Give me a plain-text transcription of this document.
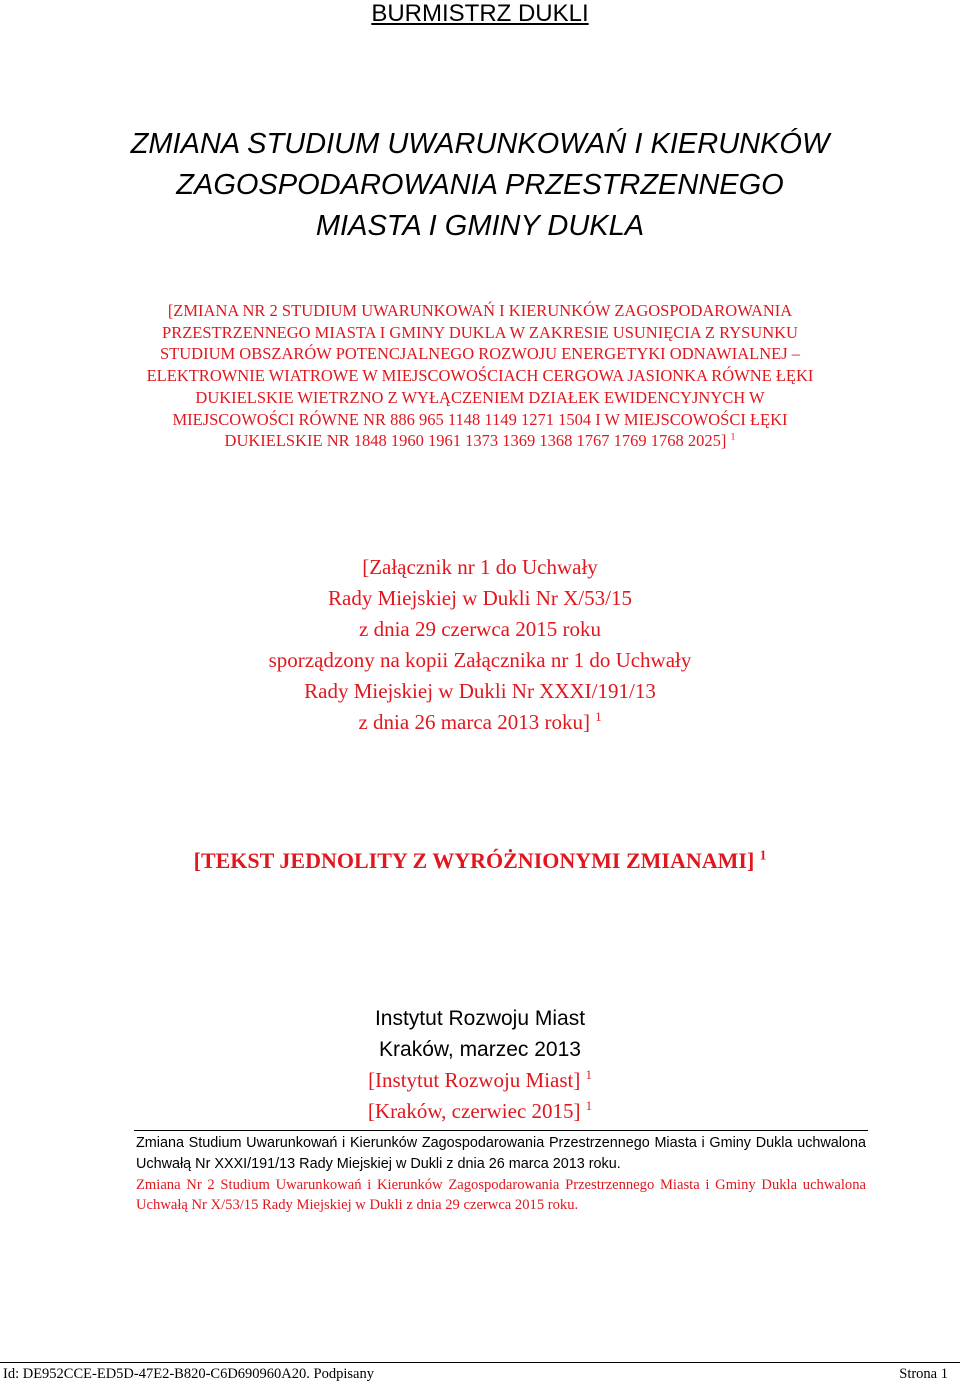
BURMISTRZ DUKLI
ZMIANA STUDIUM UWARUNKOWAŃ I KIERUNKÓW
ZAGOSPODAROWANIA PRZESTRZENNEGO
MIASTA I GMINY DUKLA
[ZMIANA NR 2 STUDIUM UWARUNKOWAŃ I KIERUNKÓW ZAGOSPODAROWANIA PRZESTRZENNEGO MIASTA I GMINY DUKLA W ZAKRESIE USUNIĘCIA Z RYSUNKU STUDIUM OBSZARÓW POTENCJALNEGO ROZWOJU ENERGETYKI ODNAWIALNEJ – ELEKTROWNIE WIATROWE W MIEJSCOWOŚCIACH CERGOWA JASIONKA RÓWNE ŁĘKI DUKIELSKIE WIETRZNO Z WYŁĄCZENIEM DZIAŁEK EWIDENCYJNYCH W MIEJSCOWOŚCI RÓWNE NR 886 965 1148 1149 1271 1504 I W MIEJSCOWOŚCI ŁĘKI DUKIELSKIE NR 1848 1960 1961 1373 1369 1368 1767 1769 1768 2025] $^1$
[Załącznik nr 1 do Uchwały
Rady Miejskiej w Dukli Nr X/53/15
z dnia 29 czerwca 2015 roku
sporządzony na kopii Załącznika nr 1 do Uchwały
Rady Miejskiej w Dukli Nr XXXI/191/13
z dnia 26 marca 2013 roku] $^1$
[TEKST JEDNOLITY Z WYRÓŻNIONYMI ZMIANAMI] $^1$
Instytut Rozwoju Miast
Kraków, marzec 2013
[Instytut Rozwoju Miast] $^1$
[Kraków, czerwiec 2015] $^1$
Zmiana Studium Uwarunkowań i Kierunków Zagospodarowania Przestrzennego Miasta i Gminy Dukla uchwalona Uchwałą Nr XXXI/191/13 Rady Miejskiej w Dukli z dnia 26 marca 2013 roku.
Zmiana Nr 2 Studium Uwarunkowań i Kierunków Zagospodarowania Przestrzennego Miasta i Gminy Dukla uchwalona Uchwałą Nr X/53/15 Rady Miejskiej w Dukli z dnia 29 czerwca 2015 roku.
Id: DE952CCE-ED5D-47E2-B820-C6D690960A20. Podpisany	Strona 1
